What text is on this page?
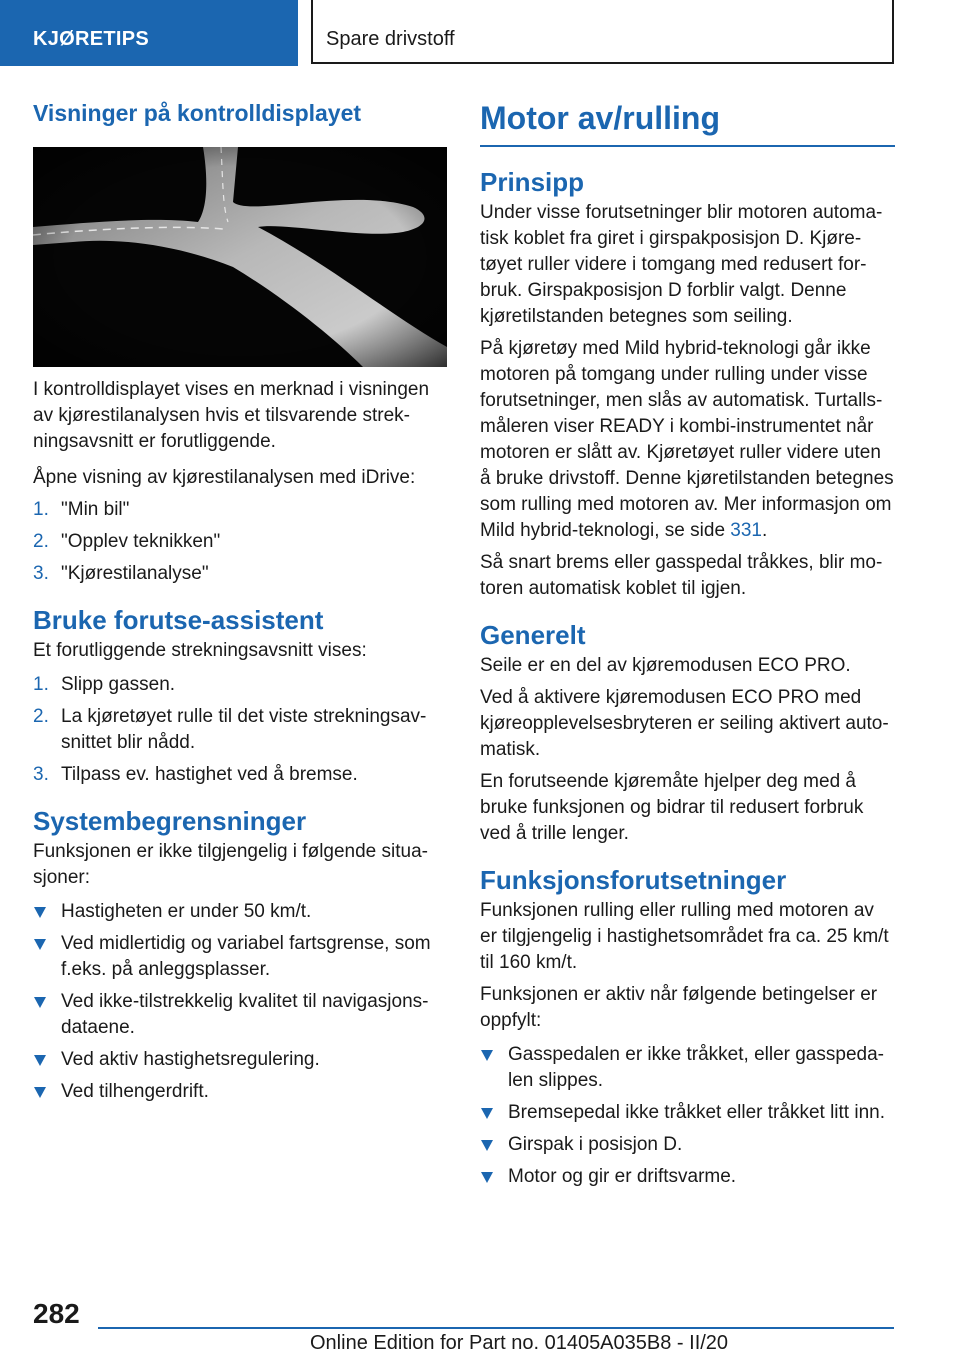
KJØRETIPS	Spare drivstoff
Visninger på kontrolldisplayet

I kontrolldisplayet vises en merknad i visningen av kjørestilanalysen hvis et tilsvarende strek-ningsavsnitt er forutliggende.

Åpne visning av kjørestilanalysen med iDrive:

1. "Min bil"
2. "Opplev teknikken"
3. "Kjørestilanalyse"
Bruke forutse-assistent

Et forutliggende strekningsavsnitt vises:

1. Slipp gassen.
2. La kjøretøyet rulle til det viste strekningsav-snittet blir nådd.
3. Tilpass ev. hastighet ved å bremse.
Systembegrensninger

Funksjonen er ikke tilgjengelig i følgende situa-sjoner:

Hastigheten er under 50 km/t.
Ved midlertidig og variabel fartsgrense, som f.eks. på anleggsplasser.
Ved ikke-tilstrekkelig kvalitet til navigasjons-dataene.
Ved aktiv hastighetsregulering.
Ved tilhengerdrift.
Motor av/rulling
Prinsipp

Under visse forutsetninger blir motoren automa-tisk koblet fra giret i girspakposisjon D. Kjøre-tøyet ruller videre i tomgang med redusert for-bruk. Girspakposisjon D forblir valgt. Denne kjøretilstanden betegnes som seiling.

På kjøretøy med Mild hybrid-teknologi går ikke motoren på tomgang under rulling under visse forutsetninger, men slås av automatisk. Turtalls-måleren viser READY i kombi-instrumentet når motoren er slått av. Kjøretøyet ruller videre uten å bruke drivstoff. Denne kjøretilstanden betegnes som rulling med motoren av. Mer informasjon om Mild hybrid-teknologi, se side 331.

Så snart brems eller gasspedal tråkkes, blir mo-toren automatisk koblet til igjen.

Generelt

Seile er en del av kjøremodusen ECO PRO.

Ved å aktivere kjøremodusen ECO PRO med kjøreopplevelsesbryteren er seiling aktivert auto-matisk.

En forutseende kjøremåte hjelper deg med å bruke funksjonen og bidrar til redusert forbruk ved å trille lenger.

Funksjonsforutsetninger

Funksjonen rulling eller rulling med motoren av er tilgjengelig i hastighetsområdet fra ca. 25 km/t til 160 km/t.

Funksjonen er aktiv når følgende betingelser er oppfylt:

Gasspedalen er ikke tråkket, eller gasspeda-len slippes.
Bremsepedal ikke tråkket eller tråkket litt inn.
Girspak i posisjon D.
Motor og gir er driftsvarme.
282
Online Edition for Part no. 01405A035B8 - II/20
